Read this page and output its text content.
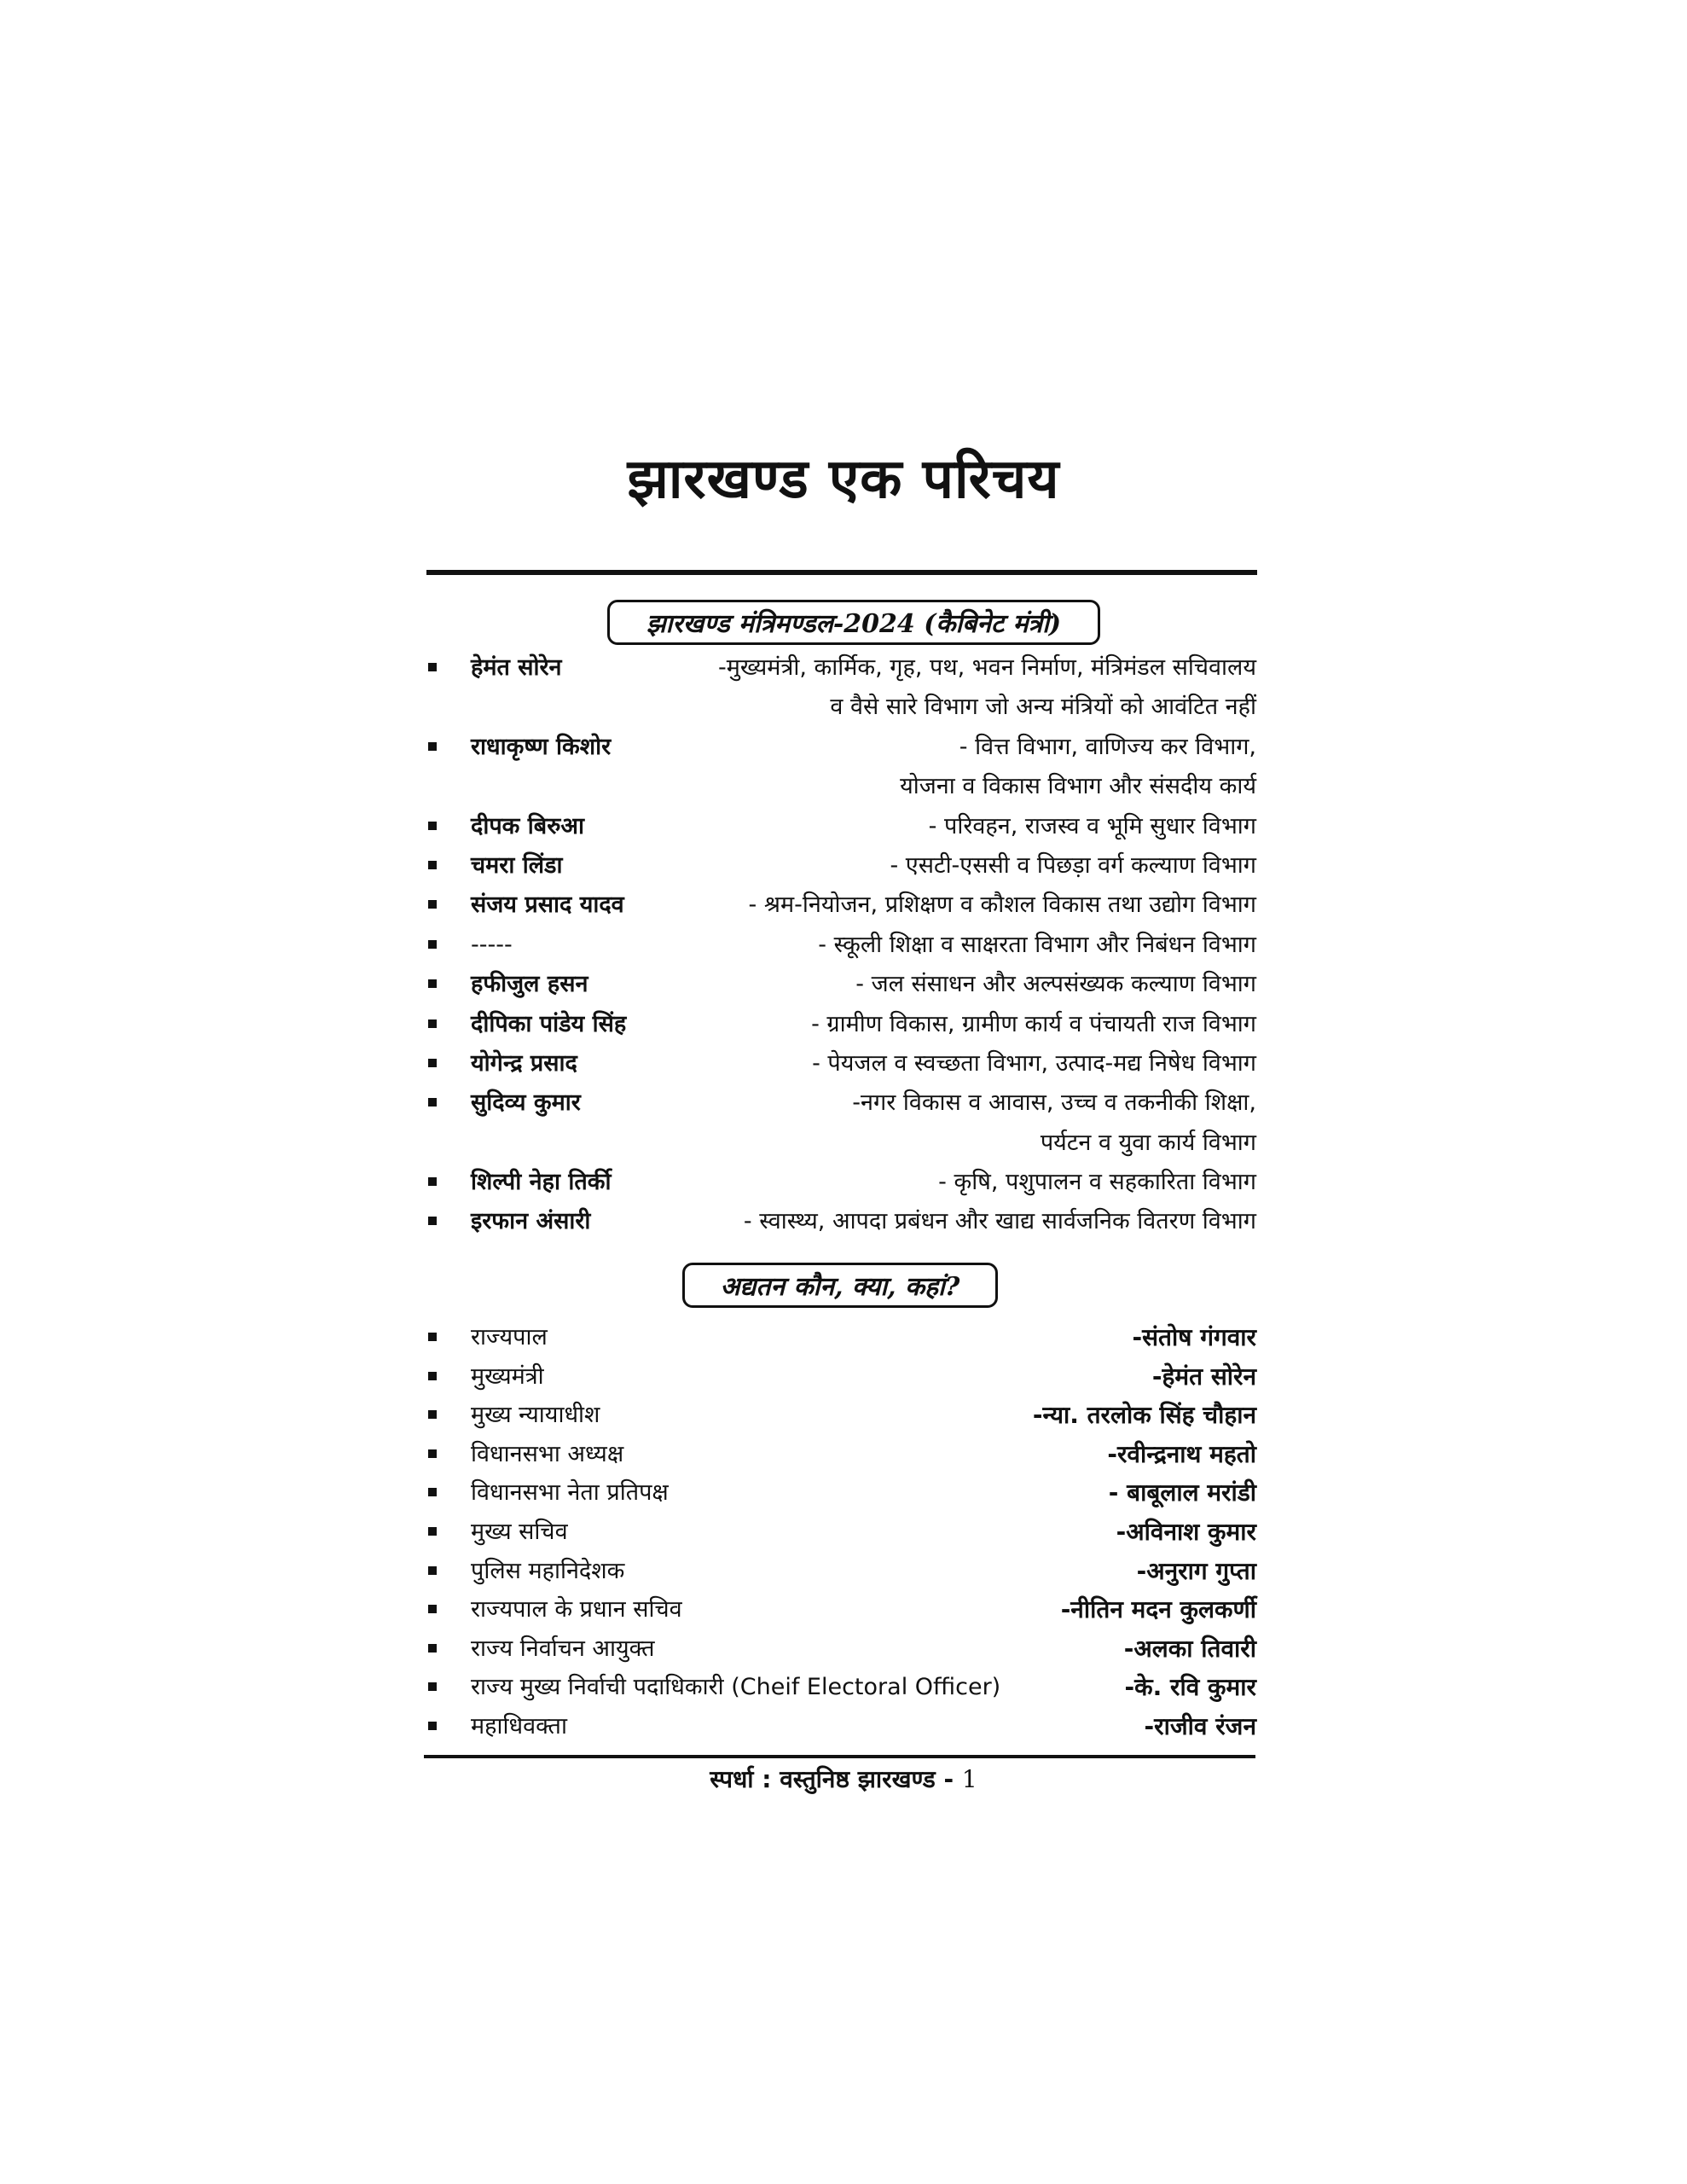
झारखण्ड एक परिचय
झारखण्ड मंत्रिमण्डल-2024 (कैबिनेट मंत्री)
हेमंत सोरेन	-मुख्यमंत्री, कार्मिक, गृह, पथ, भवन निर्माण, मंत्रिमंडल सचिवालय
व वैसे सारे विभाग जो अन्य मंत्रियों को आवंटित नहीं
राधाकृष्ण किशोर	- वित्त विभाग, वाणिज्य कर विभाग,
योजना व विकास विभाग और संसदीय कार्य
दीपक बिरुआ	- परिवहन, राजस्व व भूमि सुधार विभाग
चमरा लिंडा	- एसटी-एससी व पिछड़ा वर्ग कल्याण विभाग
संजय प्रसाद यादव	- श्रम-नियोजन, प्रशिक्षण व कौशल विकास तथा उद्योग विभाग
-----	- स्कूली शिक्षा व साक्षरता विभाग और निबंधन विभाग
हफीजुल हसन	- जल संसाधन और अल्पसंख्यक कल्याण विभाग
दीपिका पांडेय सिंह	- ग्रामीण विकास, ग्रामीण कार्य व पंचायती राज विभाग
योगेन्द्र प्रसाद	- पेयजल व स्वच्छता विभाग, उत्पाद-मद्य निषेध विभाग
सुदिव्य कुमार	-नगर विकास व आवास, उच्च व तकनीकी शिक्षा,
पर्यटन व युवा कार्य विभाग
शिल्पी नेहा तिर्की	- कृषि, पशुपालन व सहकारिता विभाग
इरफान अंसारी	- स्वास्थ्य, आपदा प्रबंधन और खाद्य सार्वजनिक वितरण विभाग
अद्यतन कौन, क्या, कहां?
राज्यपाल	-संतोष गंगवार
मुख्यमंत्री	-हेमंत सोरेन
मुख्य न्यायाधीश	-न्या. तरलोक सिंह चौहान
विधानसभा अध्यक्ष	-रवीन्द्रनाथ महतो
विधानसभा नेता प्रतिपक्ष	- बाबूलाल मरांडी
मुख्य सचिव	-अविनाश कुमार
पुलिस महानिदेशक	-अनुराग गुप्ता
राज्यपाल के प्रधान सचिव	-नीतिन मदन कुलकर्णी
राज्य निर्वाचन आयुक्त	-अलका तिवारी
राज्य मुख्य निर्वाची पदाधिकारी (Cheif Electoral Officer)	-के. रवि कुमार
महाधिवक्ता	-राजीव रंजन
स्पर्धा : वस्तुनिष्ठ झारखण्ड - 1
